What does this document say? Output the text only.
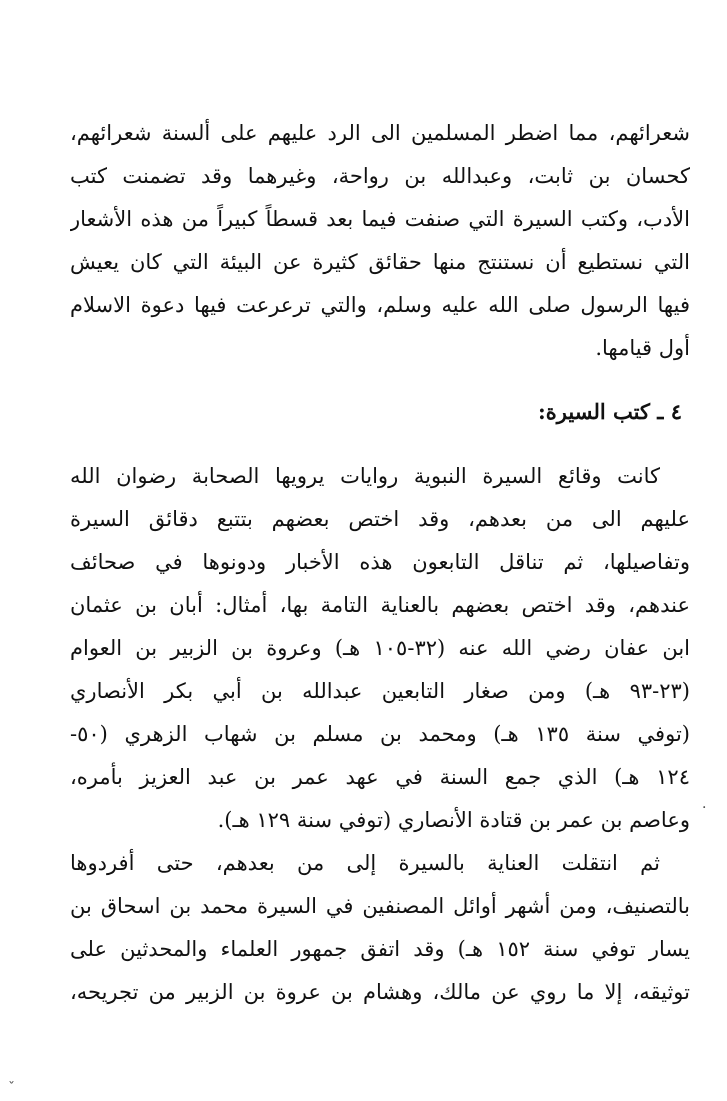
شعرائهم، مما اضطر المسلمين الى الرد عليهم على ألسنة شعرائهم،
كحسان بن ثابت، وعبدالله بن رواحة، وغيرهما وقد تضمنت كتب
الأدب، وكتب السيرة التي صنفت فيما بعد قسطاً كبيراً من هذه الأشعار
التي نستطيع أن نستنتج منها حقائق كثيرة عن البيئة التي كان يعيش
فيها الرسول صلى الله عليه وسلم، والتي ترعرعت فيها دعوة الاسلام
أول قيامها.
٤ ـ كتب السيرة:
كانت وقائع السيرة النبوية روايات يرويها الصحابة رضوان الله
عليهم الى من بعدهم، وقد اختص بعضهم بتتبع دقائق السيرة
وتفاصيلها، ثم تناقل التابعون هذه الأخبار ودونوها في صحائف
عندهم، وقد اختص بعضهم بالعناية التامة بها، أمثال: أبان بن عثمان
ابن عفان رضي الله عنه (٣٢-١٠٥ هـ) وعروة بن الزبير بن العوام
(٢٣-٩٣ هـ) ومن صغار التابعين عبدالله بن أبي بكر الأنصاري
(توفي سنة ١٣٥ هـ) ومحمد بن مسلم بن شهاب الزهري (٥٠-
١٢٤ هـ) الذي جمع السنة في عهد عمر بن عبد العزيز بأمره،
وعاصم بن عمر بن قتادة الأنصاري (توفي سنة ١٢٩ هـ).
ثم انتقلت العناية بالسيرة إلى من بعدهم، حتى أفردوها
بالتصنيف، ومن أشهر أوائل المصنفين في السيرة محمد بن اسحاق بن
يسار توفي سنة ١٥٢ هـ) وقد اتفق جمهور العلماء والمحدثين على
توثيقه، إلا ما روي عن مالك، وهشام بن عروة بن الزبير من تجريحه،
·
˯
